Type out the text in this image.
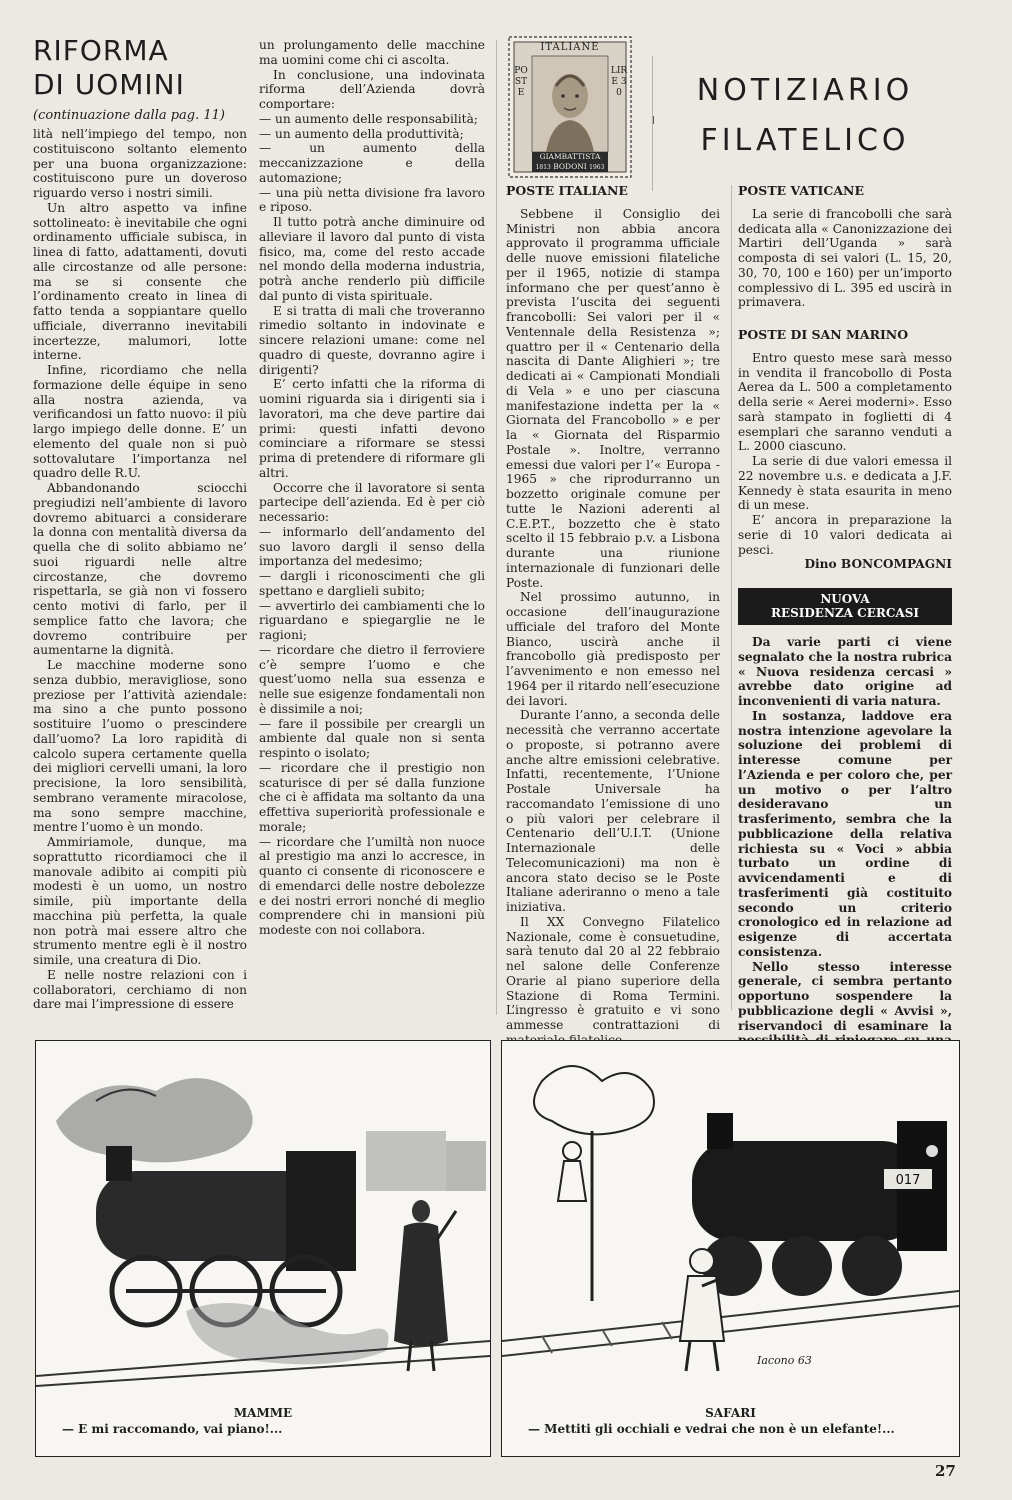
RIFORMA
DI UOMINI
(continuazione dalla pag. 11)

lità nell’impiego del tempo, non costituiscono soltanto elemento per una buona organizzazione: costituiscono pure un doveroso riguardo verso i nostri simili.

Un altro aspetto va infine sottolineato: è inevitabile che ogni ordinamento ufficiale subisca, in linea di fatto, adattamenti, dovuti alle circostanze od alle persone: ma se si consente che l’ordinamento creato in linea di fatto tenda a soppiantare quello ufficiale, diverranno inevitabili incertezze, malumori, lotte interne.

Infine, ricordiamo che nella formazione delle équipe in seno alla nostra azienda, va verificandosi un fatto nuovo: il più largo impiego delle donne. E’ un elemento del quale non si può sottovalutare l’importanza nel quadro delle R.U.

Abbandonando sciocchi pregiudizi nell’ambiente di lavoro dovremo abituarci a considerare la donna con mentalità diversa da quella che di solito abbiamo ne’ suoi riguardi nelle altre circostanze, che dovremo rispettarla, se già non vi fossero cento motivi di farlo, per il semplice fatto che lavora; che dovremo contribuire per aumentarne la dignità.

Le macchine moderne sono senza dubbio, meravigliose, sono preziose per l’attività aziendale: ma sino a che punto possono sostituire l’uomo o prescindere dall’uomo? La loro rapidità di calcolo supera certamente quella dei migliori cervelli umani, la loro precisione, la loro sensibilità, sembrano veramente miracolose, ma sono sempre macchine, mentre l’uomo è un mondo.

Ammiriamole, dunque, ma soprattutto ricordiamoci che il manovale adibito ai compiti più modesti è un uomo, un nostro simile, più importante della macchina più perfetta, la quale non potrà mai essere altro che strumento mentre egli è il nostro simile, una creatura di Dio.

E nelle nostre relazioni con i collaboratori, cerchiamo di non dare mai l’impressione di essere

un prolungamento delle macchine ma uomini come chi ci ascolta.

In conclusione, una indovinata riforma dell’Azienda dovrà comportare:

— un aumento delle responsabilità;

— un aumento della produttività;

— un aumento della meccanizzazione e della automazione;

— una più netta divisione fra lavoro e riposo.

Il tutto potrà anche diminuire od alleviare il lavoro dal punto di vista fisico, ma, come del resto accade nel mondo della moderna industria, potrà anche renderlo più difficile dal punto di vista spirituale.

E si tratta di mali che troveranno rimedio soltanto in indovinate e sincere relazioni umane: come nel quadro di queste, dovranno agire i dirigenti?

E’ certo infatti che la riforma di uomini riguarda sia i dirigenti sia i lavoratori, ma che deve partire dai primi: questi infatti devono cominciare a riformare se stessi prima di pretendere di riformare gli altri.

Occorre che il lavoratore si senta partecipe dell’azienda. Ed è per ciò necessario:

— informarlo dell’andamento del suo lavoro dargli il senso della importanza del medesimo;

— dargli i riconoscimenti che gli spettano e darglieli subito;

— avvertirlo dei cambiamenti che lo riguardano e spiegarglie ne le ragioni;

— ricordare che dietro il ferroviere c’è sempre l’uomo e che quest’uomo nella sua essenza e nelle sue esigenze fondamentali non è dissimile a noi;

— fare il possibile per creargli un ambiente dal quale non si senta respinto o isolato;

— ricordare che il prestigio non scaturisce di per sé dalla funzione che ci è affidata ma soltanto da una effettiva superiorità professionale e morale;

— ricordare che l’umiltà non nuoce al prestigio ma anzi lo accresce, in quanto ci consente di riconoscere e di emendarci delle nostre debolezze e dei nostri errori nonché di meglio comprendere chi in mansioni più modeste con noi collabora.

ITALIANE
POSTE
LIRE 30
GIAMBATTISTA
1813 BODONI 1963
NOTIZIARIO
FILATELICO
POSTE ITALIANE

Sebbene il Consiglio dei Ministri non abbia ancora approvato il programma ufficiale delle nuove emissioni filateliche per il 1965, notizie di stampa informano che per quest’anno è prevista l’uscita dei seguenti francobolli: Sei valori per il « Ventennale della Resistenza »; quattro per il « Centenario della nascita di Dante Alighieri »; tre dedicati ai « Campionati Mondiali di Vela » e uno per ciascuna manifestazione indetta per la « Giornata del Francobollo » e per la « Giornata del Risparmio Postale ». Inoltre, verranno emessi due valori per l’« Europa - 1965 » che riprodurranno un bozzetto originale comune per tutte le Nazioni aderenti al C.E.P.T., bozzetto che è stato scelto il 15 febbraio p.v. a Lisbona durante una riunione internazionale di funzionari delle Poste.

Nel prossimo autunno, in occasione dell’inaugurazione ufficiale del traforo del Monte Bianco, uscirà anche il francobollo già predisposto per l’avvenimento e non emesso nel 1964 per il ritardo nell’esecuzione dei lavori.

Durante l’anno, a seconda delle necessità che verranno accertate o proposte, si potranno avere anche altre emissioni celebrative. Infatti, recentemente, l’Unione Postale Universale ha raccomandato l’emissione di uno o più valori per celebrare il Centenario dell’U.I.T. (Unione Internazionale delle Telecomunicazioni) ma non è ancora stato deciso se le Poste Italiane aderiranno o meno a tale iniziativa.

Il XX Convegno Filatelico Nazionale, come è consuetudine, sarà tenuto dal 20 al 22 febbraio nel salone delle Conferenze Orarie al piano superiore della Stazione di Roma Termini. L’ingresso è gratuito e vi sono ammesse contrattazioni di

POSTE VATICANE

La serie di francobolli che sarà dedicata alla « Canonizzazione dei Martiri dell’Uganda » sarà composta di sei valori (L. 15, 20, 30, 70, 100 e 160) per un’importo complessivo di L. 395 ed uscirà in primavera.

POSTE DI SAN MARINO

Entro questo mese sarà messo in vendita il francobollo di Posta Aerea da L. 500 a completamento della serie « Aerei moderni». Esso sarà stampato in foglietti di 4 esemplari che saranno venduti a L. 2000 ciascuno.

La serie di due valori emessa il 22 novembre u.s. e dedicata a J.F. Kennedy è stata esaurita in meno di un mese.

E’ ancora in preparazione la serie di 10 valori dedicata ai pesci.

Dino BONCOMPAGNI
NUOVA
RESIDENZA CERCASI

Da varie parti ci viene segnalato che la nostra rubrica « Nuova residenza cercasi » avrebbe dato origine ad inconvenienti di varia natura.

In sostanza, laddove era nostra intenzione agevolare la soluzione dei problemi di interesse comune per l’Azienda e per coloro che, per un motivo o per l’altro desideravano un trasferimento, sembra che la pubblicazione della relativa richiesta su « Voci » abbia turbato un ordine di avvicendamenti e di trasferimenti già costituito secondo un criterio cronologico ed in relazione ad esigenze di accertata consistenza.

Nello stesso interesse generale, ci sembra pertanto opportuno sospendere la pubblicazione degli « Avvisi », riservandoci di esaminare la

MAMME
— E mi raccomando, vai piano!...
017
Iacono 63
SAFARI
— Mettiti gli occhiali e vedrai che non è un elefante!...
27
